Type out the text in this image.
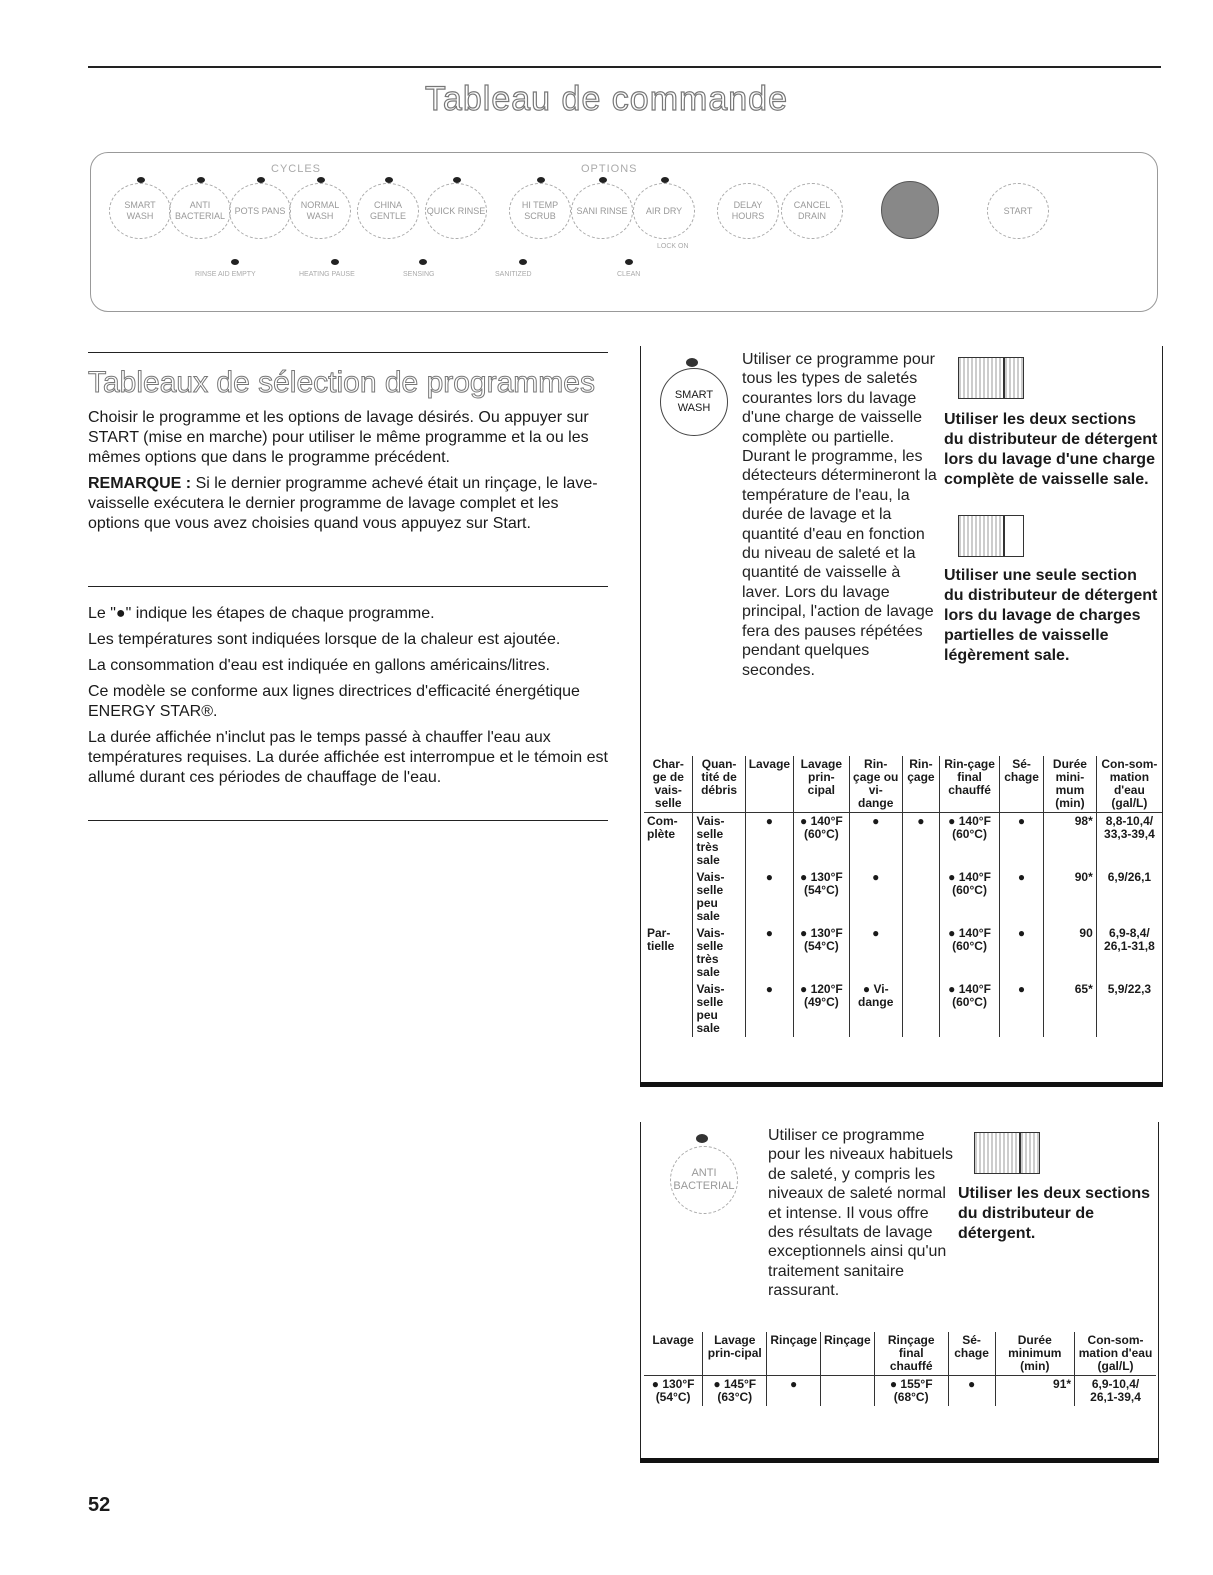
Tableau de commande
CYCLES	OPTIONS
SMART WASH
ANTI BACTERIAL
POTS PANS
NORMAL WASH
CHINA GENTLE
QUICK RINSE
HI TEMP SCRUB
SANI RINSE	AIR DRY
LOCK ON
DELAY HOURS
CANCEL DRAIN
START
RINSE AID EMPTY	HEATING PAUSE	SENSING	SANITIZED	CLEAN
Tableaux de sélection de programmes

Choisir le programme et les options de lavage désirés. Ou appuyer sur START (mise en marche) pour utiliser le même programme et la ou les mêmes options que dans le programme précédent.

REMARQUE : Si le dernier programme achevé était un rinçage, le lave-vaisselle exécutera le dernier programme de lavage complet et les options que vous avez choisies quand vous appuyez sur Start.

Le "●" indique les étapes de chaque programme.

Les températures sont indiquées lorsque de la chaleur est ajoutée.

La consommation d'eau est indiquée en gallons américains/litres.

Ce modèle se conforme aux lignes directrices d'efficacité énergétique ENERGY STAR®.

La durée affichée n'inclut pas le temps passé à chauffer l'eau aux températures requises. La durée affichée est interrompue et le témoin est allumé durant ces périodes de chauffage de l'eau.

SMART
WASH
Utiliser ce programme pour tous les types de saletés courantes lors du lavage d'une charge de vaisselle complète ou partielle. Durant le programme, les détecteurs détermineront la température de l'eau, la durée de lavage et la quantité d'eau en fonction du niveau de saleté et la quantité de vaisselle à laver. Lors du lavage principal, l'action de lavage fera des pauses répétées pendant quelques secondes.
Utiliser les deux sections du distributeur de détergent lors du lavage d'une charge complète de vaisselle sale.
Utiliser une seule section du distributeur de détergent lors du lavage de charges partielles de vaisselle légèrement sale.
Char-ge de vais-selle	Quan-tité de débris	Lavage	Lavage prin-cipal	Rin-çage ou vi-dange	Rin-çage	Rin-çage final chauffé	Sé-chage	Durée mini-mum (min)	Con-som-mation d'eau (gal/L)
Com-plète	Vais-selle très sale	●	● 140°F (60°C)	●	●	● 140°F (60°C)	●	98*	8,8-10,4/ 33,3-39,4
	Vais-selle peu sale	●	● 130°F (54°C)	●		● 140°F (60°C)	●	90*	6,9/26,1
Par-tielle	Vais-selle très sale	●	● 130°F (54°C)	●		● 140°F (60°C)	●	90	6,9-8,4/ 26,1-31,8
	Vais-selle peu sale	●	● 120°F (49°C)	● Vi-dange		● 140°F (60°C)	●	65*	5,9/22,3
ANTI
BACTERIAL
Utiliser ce programme pour les niveaux habituels de saleté, y compris les niveaux de saleté normal et intense. Il vous offre des résultats de lavage exceptionnels ainsi qu'un traitement sanitaire rassurant.
Utiliser les deux sections du distributeur de détergent.
Lavage	Lavage prin-cipal	Rinçage	Rinçage	Rinçage final chauffé	Sé-chage	Durée minimum (min)	Con-som-mation d'eau (gal/L)
● 130°F (54°C)	● 145°F (63°C)	●		● 155°F (68°C)	●	91*	6,9-10,4/ 26,1-39,4
52
